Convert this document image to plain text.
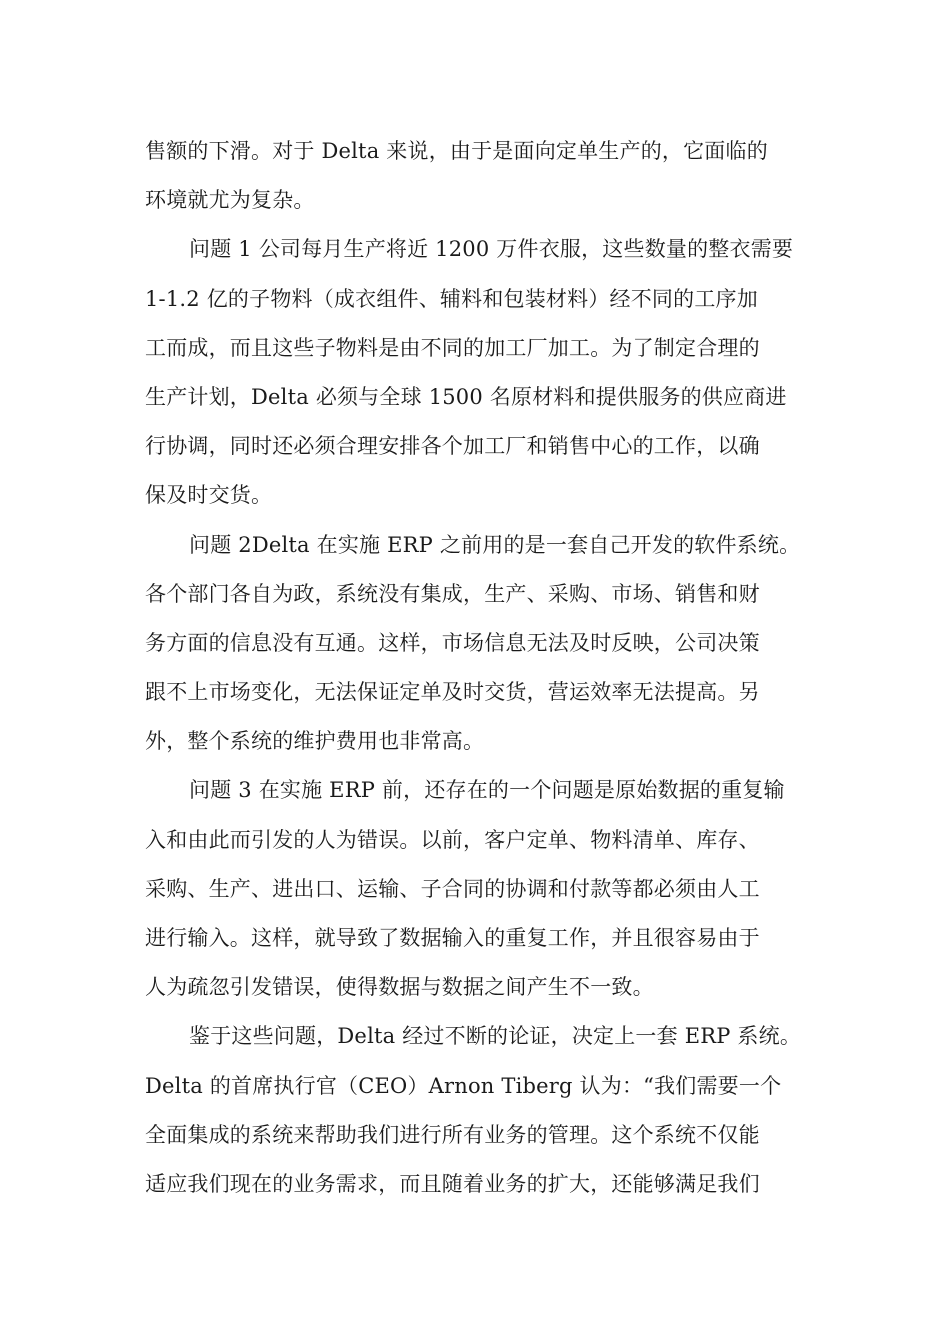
售额的下滑。对于 Delta 来说，由于是面向定单生产的，它面临的
环境就尤为复杂。
问题 1 公司每月生产将近 1200 万件衣服，这些数量的整衣需要
1-1.2 亿的子物料（成衣组件、辅料和包装材料）经不同的工序加
工而成，而且这些子物料是由不同的加工厂加工。为了制定合理的
生产计划，Delta 必须与全球 1500 名原材料和提供服务的供应商进
行协调，同时还必须合理安排各个加工厂和销售中心的工作，以确
保及时交货。
问题 2Delta 在实施 ERP 之前用的是一套自己开发的软件系统。
各个部门各自为政，系统没有集成，生产、采购、市场、销售和财
务方面的信息没有互通。这样，市场信息无法及时反映，公司决策
跟不上市场变化，无法保证定单及时交货，营运效率无法提高。另
外，整个系统的维护费用也非常高。
问题 3 在实施 ERP 前，还存在的一个问题是原始数据的重复输
入和由此而引发的人为错误。以前，客户定单、物料清单、库存、
采购、生产、进出口、运输、子合同的协调和付款等都必须由人工
进行输入。这样，就导致了数据输入的重复工作，并且很容易由于
人为疏忽引发错误，使得数据与数据之间产生不一致。
鉴于这些问题，Delta 经过不断的论证，决定上一套 ERP 系统。
Delta 的首席执行官（CEO）Arnon Tiberg 认为：“我们需要一个
全面集成的系统来帮助我们进行所有业务的管理。这个系统不仅能
适应我们现在的业务需求，而且随着业务的扩大，还能够满足我们
